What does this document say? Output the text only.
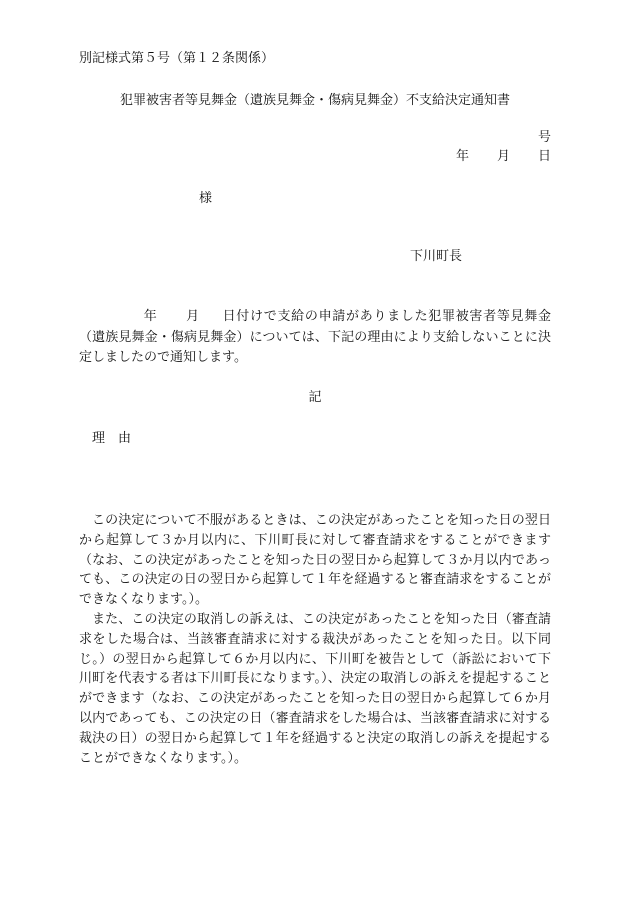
別記様式第５号（第１２条関係）
犯罪被害者等見舞金（遺族見舞金・傷病見舞金）不支給決定通知書
号
年 月 日
様
下川町長
年 月 日付けで支給の申請がありました犯罪被害者等見舞金（遺族見舞金・傷病見舞金）については、下記の理由により支給しないことに決定しましたので通知します。
記
理　由

この決定について不服があるときは、この決定があったことを知った日の翌日から起算して３か月以内に、下川町長に対して審査請求をすることができます（なお、この決定があったことを知った日の翌日から起算して３か月以内であっても、この決定の日の翌日から起算して１年を経過すると審査請求をすることができなくなります。）。

また、この決定の取消しの訴えは、この決定があったことを知った日（審査請求をした場合は、当該審査請求に対する裁決があったことを知った日。以下同じ。）の翌日から起算して６か月以内に、下川町を被告として（訴訟において下川町を代表する者は下川町長になります。）、決定の取消しの訴えを提起することができます（なお、この決定があったことを知った日の翌日から起算して６か月以内であっても、この決定の日（審査請求をした場合は、当該審査請求に対する裁決の日）の翌日から起算して１年を経過すると決定の取消しの訴えを提起することができなくなります。）。
